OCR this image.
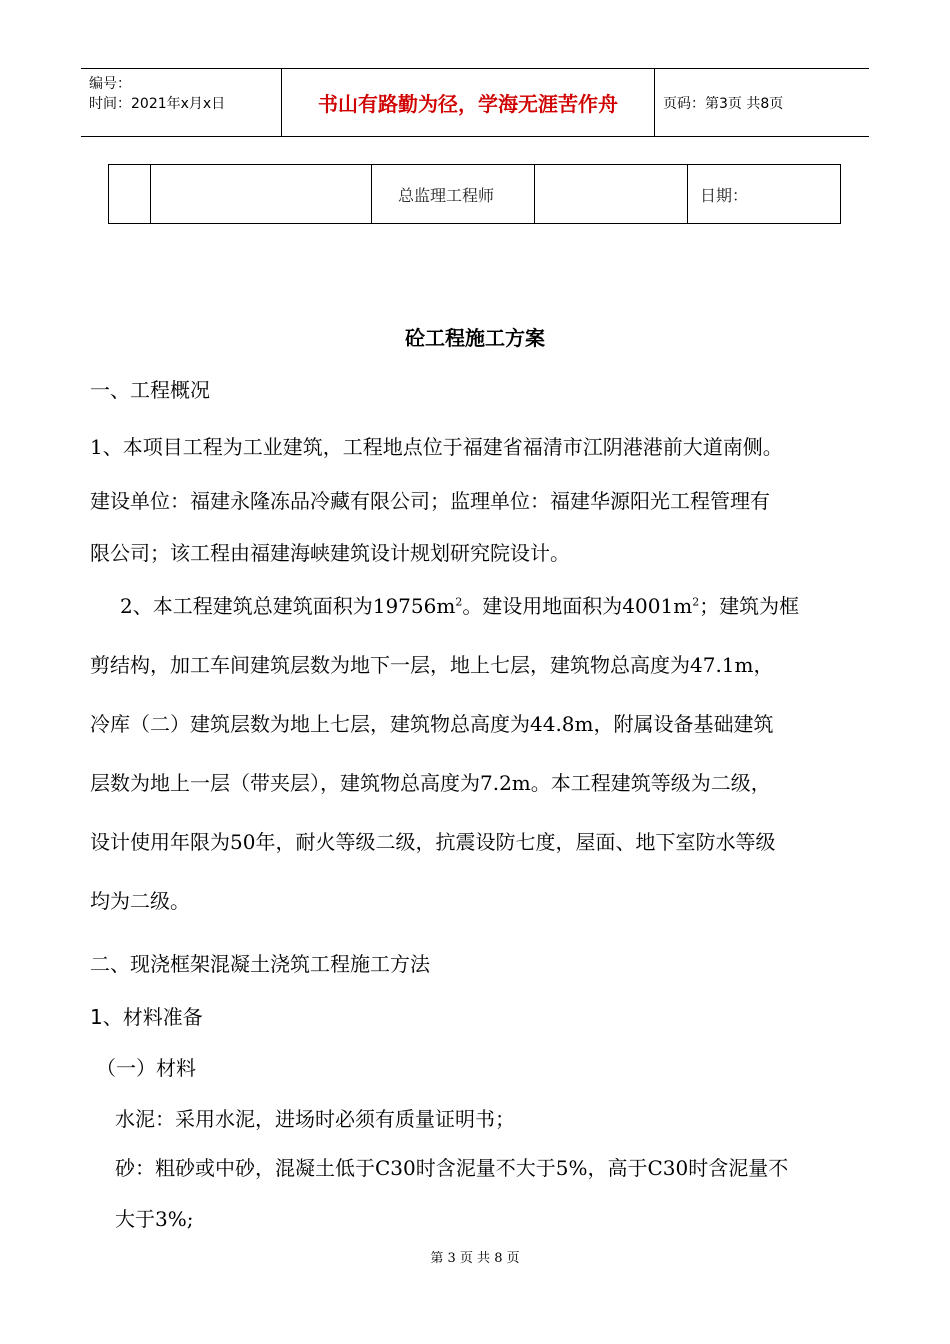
编号：
时间：2021年x月x日	书山有路勤为径，学海无涯苦作舟	页码：第3页 共8页
总监理工程师	日期：
砼工程施工方案
一、工程概况
1、本项目工程为工业建筑，工程地点位于福建省福清市江阴港港前大道南侧。
建设单位：福建永隆冻品冷藏有限公司；监理单位：福建华源阳光工程管理有
限公司；该工程由福建海峡建筑设计规划研究院设计。
2、本工程建筑总建筑面积为$19756m^2$。建设用地面积为$4001m^2$；建筑为框
剪结构，加工车间建筑层数为地下一层，地上七层，建筑物总高度为47.1m，
冷库（二）建筑层数为地上七层，建筑物总高度为44.8m，附属设备基础建筑
层数为地上一层（带夹层），建筑物总高度为7.2m。本工程建筑等级为二级，
设计使用年限为50年，耐火等级二级，抗震设防七度，屋面、地下室防水等级
均为二级。
二、现浇框架混凝土浇筑工程施工方法
1、材料准备
（一）材料
水泥：采用水泥，进场时必须有质量证明书；
砂：粗砂或中砂，混凝土低于C30时含泥量不大于5%，高于C30时含泥量不
大于3%;
第 3 页 共 8 页
